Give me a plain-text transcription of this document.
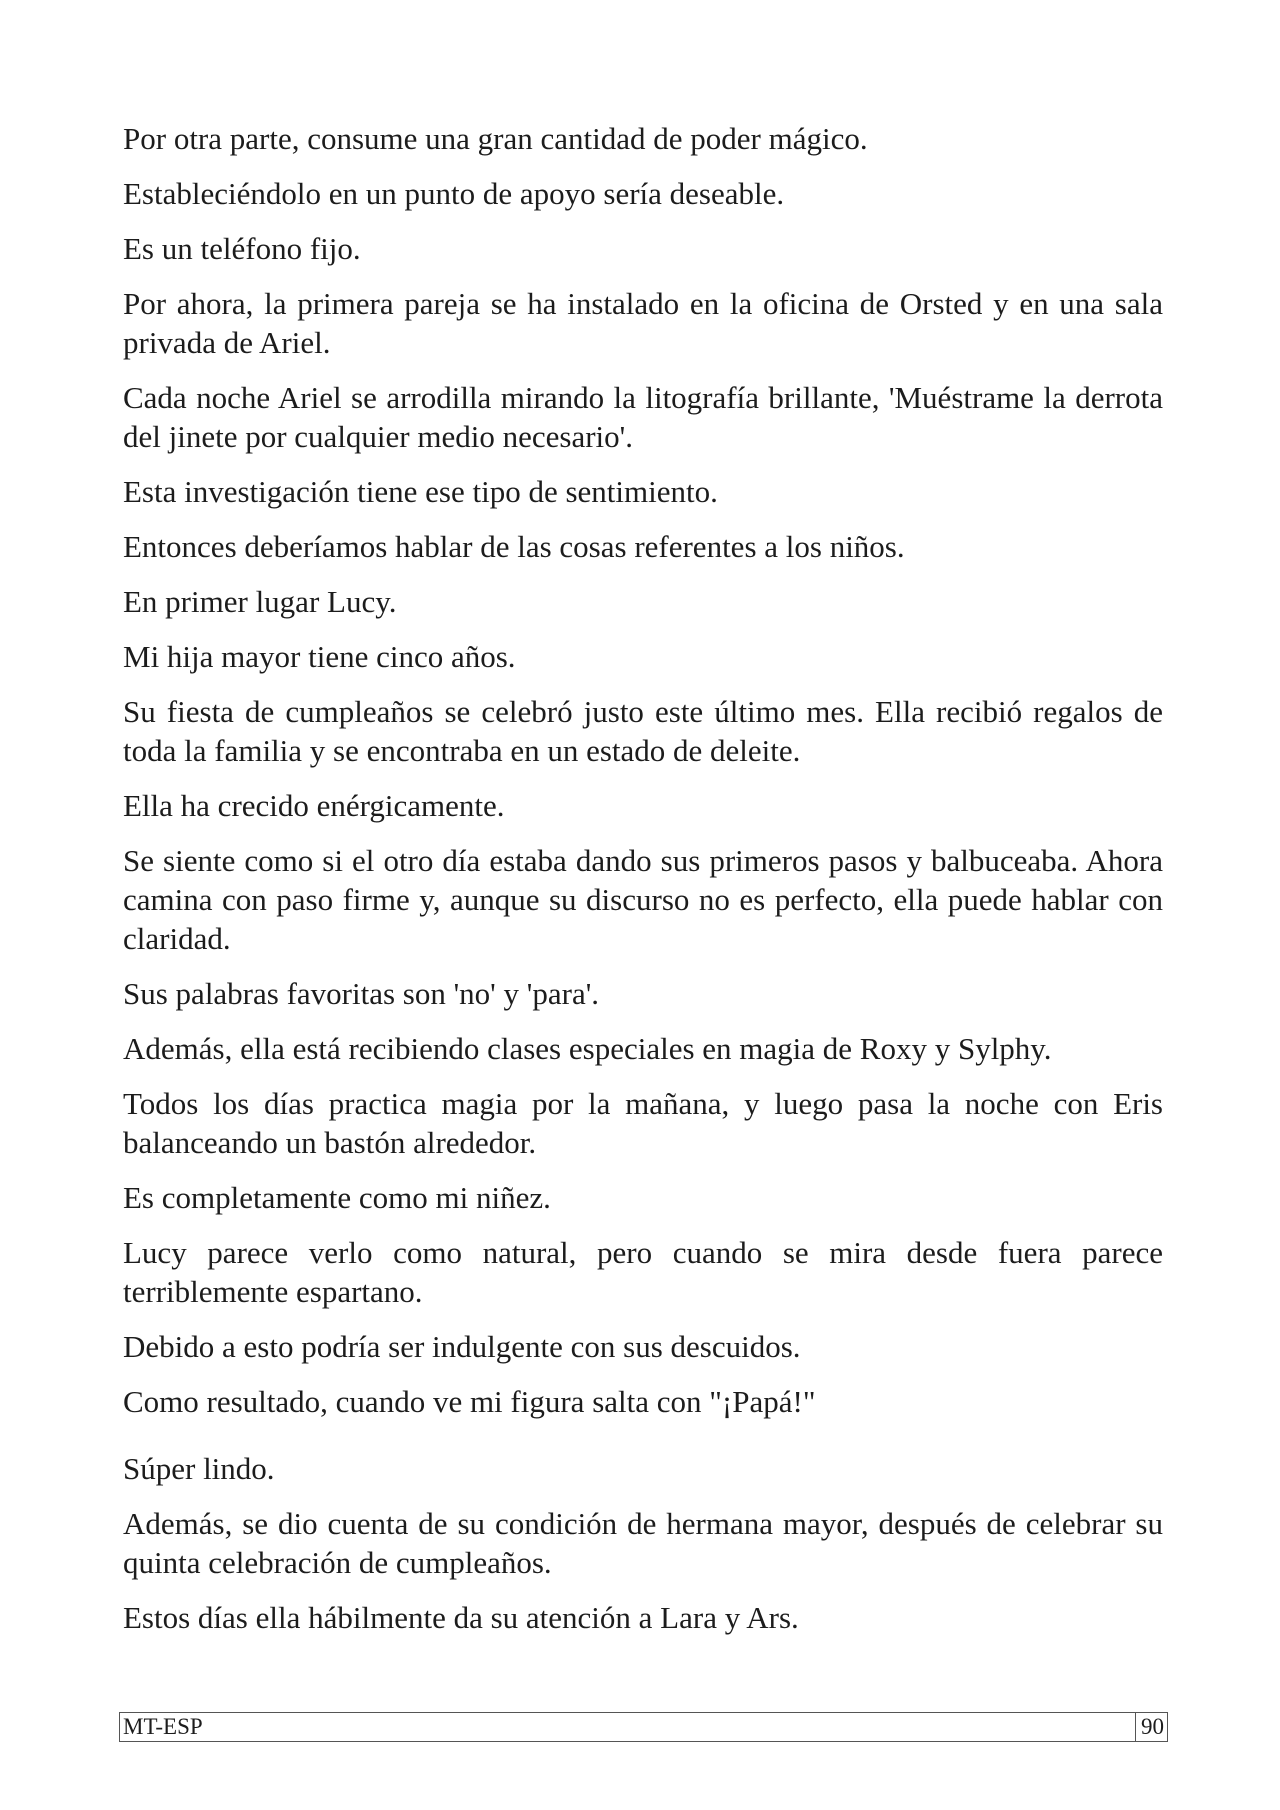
Por otra parte, consume una gran cantidad de poder mágico.

Estableciéndolo en un punto de apoyo sería deseable.

Es un teléfono fijo.

Por ahora, la primera pareja se ha instalado en la oficina de Orsted y en una sala privada de Ariel.

Cada noche Ariel se arrodilla mirando la litografía brillante, 'Muéstrame la derrota del jinete por cualquier medio necesario'.

Esta investigación tiene ese tipo de sentimiento.

Entonces deberíamos hablar de las cosas referentes a los niños.

En primer lugar Lucy.

Mi hija mayor tiene cinco años.

Su fiesta de cumpleaños se celebró justo este último mes. Ella recibió regalos de toda la familia y se encontraba en un estado de deleite.

Ella ha crecido enérgicamente.

Se siente como si el otro día estaba dando sus primeros pasos y balbuceaba. Ahora camina con paso firme y, aunque su discurso no es perfecto, ella puede hablar con claridad.

Sus palabras favoritas son 'no' y 'para'.

Además, ella está recibiendo clases especiales en magia de Roxy y Sylphy.

Todos los días practica magia por la mañana, y luego pasa la noche con Eris balanceando un bastón alrededor.

Es completamente como mi niñez.

Lucy parece verlo como natural, pero cuando se mira desde fuera parece terriblemente espartano.

Debido a esto podría ser indulgente con sus descuidos.

Como resultado, cuando ve mi figura salta con "¡Papá!"

Súper lindo.

Además, se dio cuenta de su condición de hermana mayor, después de celebrar su quinta celebración de cumpleaños.

Estos días ella hábilmente da su atención a Lara y Ars.

MT-ESP	90
